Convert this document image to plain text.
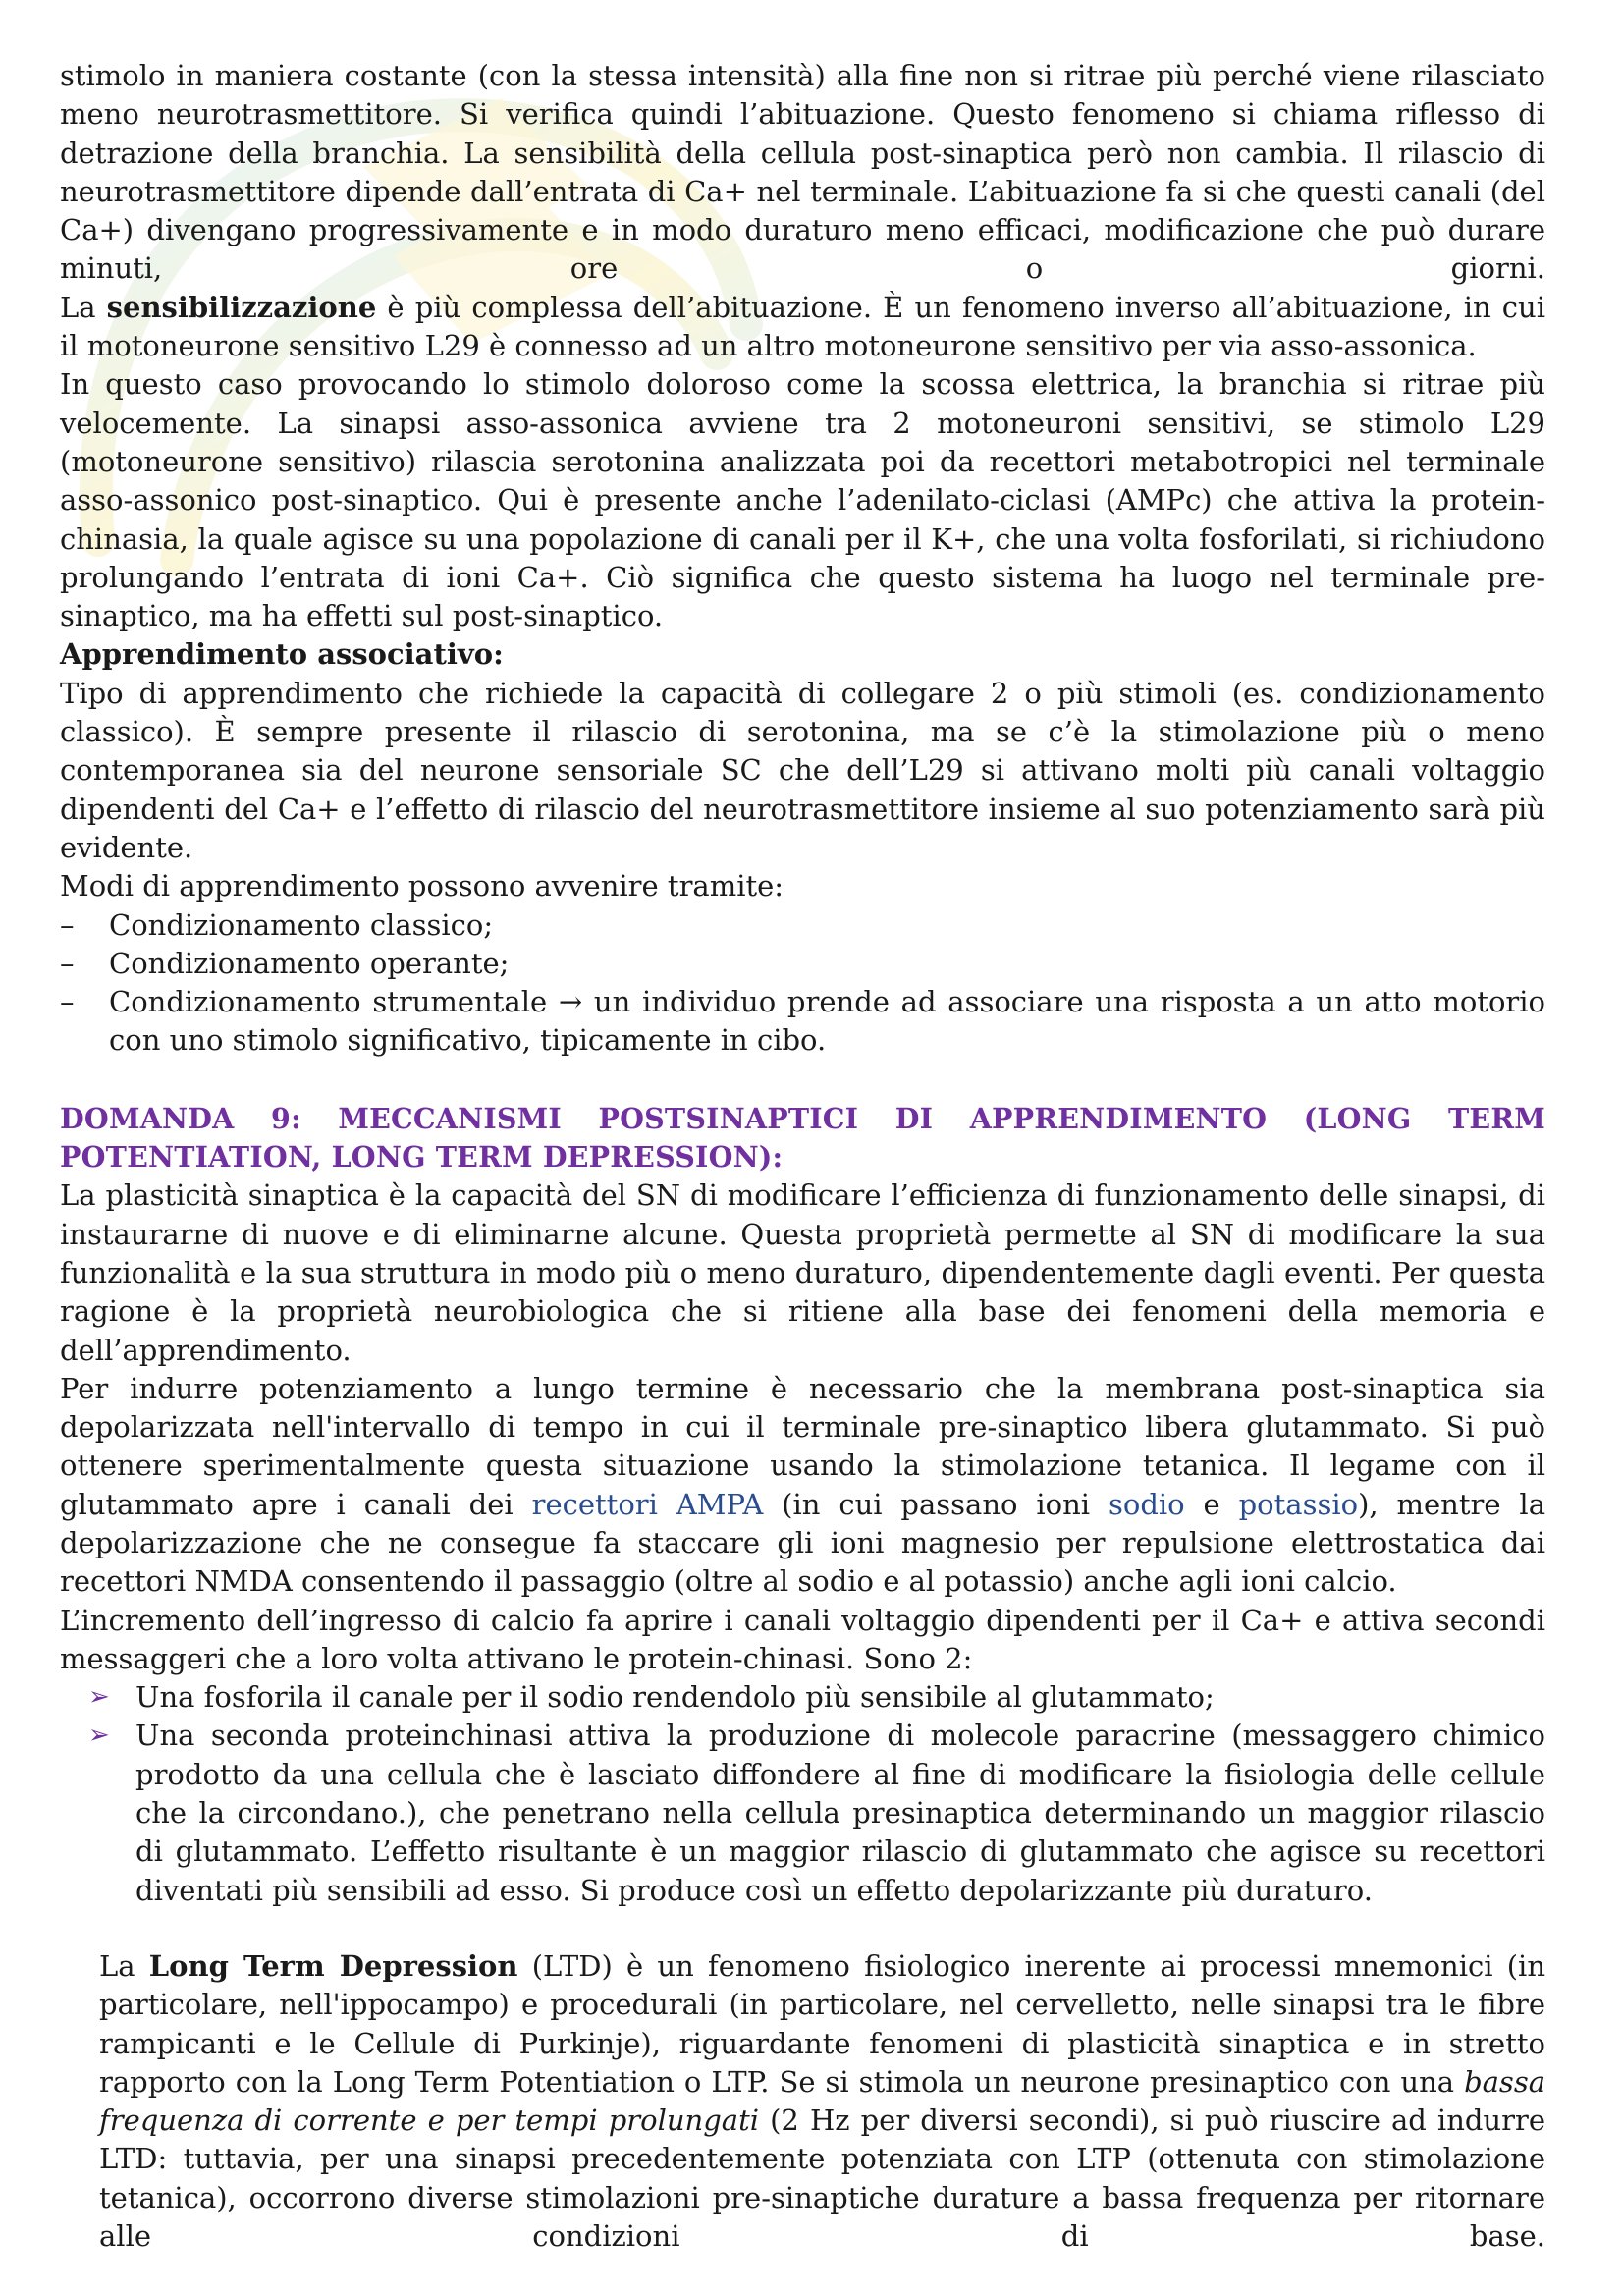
stimolo in maniera costante (con la stessa intensità) alla fine non si ritrae più perché viene rilasciato meno neurotrasmettitore. Si verifica quindi l’abituazione. Questo fenomeno si chiama riflesso di detrazione della branchia. La sensibilità della cellula post-sinaptica però non cambia. Il rilascio di neurotrasmettitore dipende dall’entrata di Ca+ nel terminale. L’abituazione fa si che questi canali (del Ca+) divengano progressivamente e in modo duraturo meno efficaci, modificazione che può durare minuti, ore o giorni.

La sensibilizzazione è più complessa dell’abituazione. È un fenomeno inverso all’abituazione, in cui il motoneurone sensitivo L29 è connesso ad un altro motoneurone sensitivo per via asso-assonica.

In questo caso provocando lo stimolo doloroso come la scossa elettrica, la branchia si ritrae più velocemente. La sinapsi asso-assonica avviene tra 2 motoneuroni sensitivi, se stimolo L29 (motoneurone sensitivo) rilascia serotonina analizzata poi da recettori metabotropici nel terminale asso-assonico post-sinaptico. Qui è presente anche l’adenilato-ciclasi (AMPc) che attiva la protein-chinasia, la quale agisce su una popolazione di canali per il K+, che una volta fosforilati, si richiudono prolungando l’entrata di ioni Ca+. Ciò significa che questo sistema ha luogo nel terminale pre-sinaptico, ma ha effetti sul post-sinaptico.

Apprendimento associativo:

Tipo di apprendimento che richiede la capacità di collegare 2 o più stimoli (es. condizionamento classico). È sempre presente il rilascio di serotonina, ma se c’è la stimolazione più o meno contemporanea sia del neurone sensoriale SC che dell’L29 si attivano molti più canali voltaggio dipendenti del Ca+ e l’effetto di rilascio del neurotrasmettitore insieme al suo potenziamento sarà più evidente.

Modi di apprendimento possono avvenire tramite:

– Condizionamento classico;
– Condizionamento operante;
– Condizionamento strumentale → un individuo prende ad associare una risposta a un atto motorio con uno stimolo significativo, tipicamente in cibo.

DOMANDA 9: MECCANISMI POSTSINAPTICI DI APPRENDIMENTO (LONG TERM POTENTIATION, LONG TERM DEPRESSION):

La plasticità sinaptica è la capacità del SN di modificare l’efficienza di funzionamento delle sinapsi, di instaurarne di nuove e di eliminarne alcune. Questa proprietà permette al SN di modificare la sua funzionalità e la sua struttura in modo più o meno duraturo, dipendentemente dagli eventi. Per questa ragione è la proprietà neurobiologica che si ritiene alla base dei fenomeni della memoria e dell’apprendimento.

Per indurre potenziamento a lungo termine è necessario che la membrana post-sinaptica sia depolarizzata nell'intervallo di tempo in cui il terminale pre-sinaptico libera glutammato. Si può ottenere sperimentalmente questa situazione usando la stimolazione tetanica. Il legame con il glutammato apre i canali dei recettori AMPA (in cui passano ioni sodio e potassio), mentre la depolarizzazione che ne consegue fa staccare gli ioni magnesio per repulsione elettrostatica dai recettori NMDA consentendo il passaggio (oltre al sodio e al potassio) anche agli ioni calcio.

L’incremento dell’ingresso di calcio fa aprire i canali voltaggio dipendenti per il Ca+ e attiva secondi messaggeri che a loro volta attivano le protein-chinasi. Sono 2:

➢ Una fosforila il canale per il sodio rendendolo più sensibile al glutammato;
➢ Una seconda proteinchinasi attiva la produzione di molecole paracrine (messaggero chimico prodotto da una cellula che è lasciato diffondere al fine di modificare la fisiologia delle cellule che la circondano.), che penetrano nella cellula presinaptica determinando un maggior rilascio di glutammato. L’effetto risultante è un maggior rilascio di glutammato che agisce su recettori diventati più sensibili ad esso. Si produce così un effetto depolarizzante più duraturo.

La Long Term Depression (LTD) è un fenomeno fisiologico inerente ai processi mnemonici (in particolare, nell'ippocampo) e procedurali (in particolare, nel cervelletto, nelle sinapsi tra le fibre rampicanti e le Cellule di Purkinje), riguardante fenomeni di plasticità sinaptica e in stretto rapporto con la Long Term Potentiation o LTP. Se si stimola un neurone presinaptico con una bassa frequenza di corrente e per tempi prolungati (2 Hz per diversi secondi), si può riuscire ad indurre LTD: tuttavia, per una sinapsi precedentemente potenziata con LTP (ottenuta con stimolazione tetanica), occorrono diverse stimolazioni pre-sinaptiche durature a bassa frequenza per ritornare alle condizioni di base.
